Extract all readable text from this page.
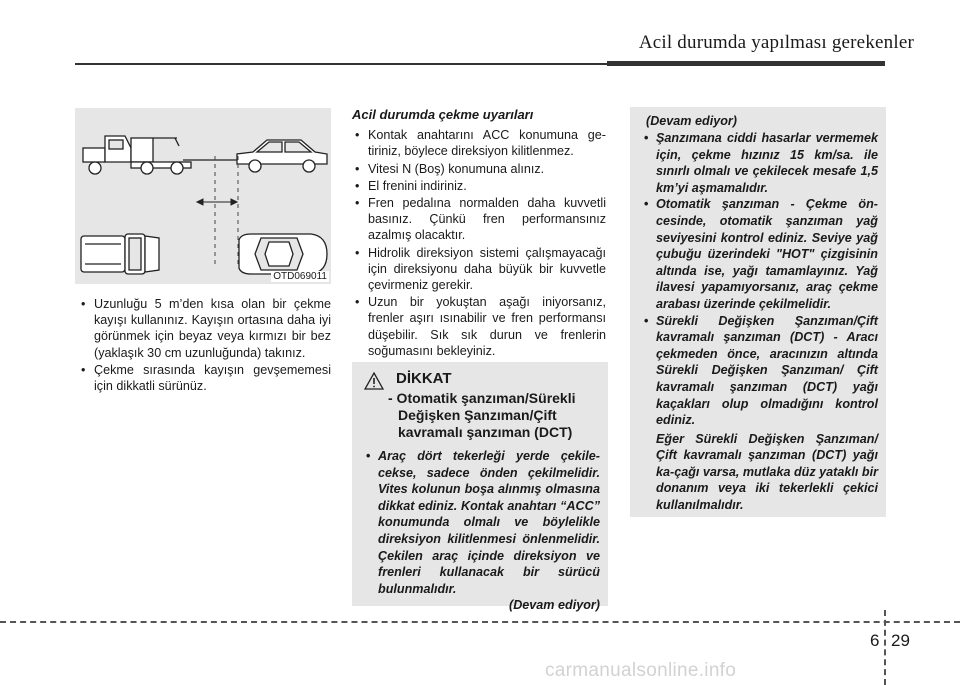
Acil durumda yapılması gerekenler
OTD069011
• Uzunluğu 5 m’den kısa olan bir çekme kayışı kullanınız. Kayışın ortasına daha iyi görünmek için beyaz veya kırmızı bir bez (yaklaşık 30 cm uzunluğunda) takınız.
• Çekme sırasında kayışın gevşememesi için dikkatli sürünüz.
Acil durumda çekme uyarıları
• Kontak anahtarını ACC konumuna getiriniz, böylece direksiyon kilitlenmez.
• Vitesi N (Boş) konumuna alınız.
• El frenini indiriniz.
• Fren pedalına normalden daha kuvvetli basınız. Çünkü fren performansınız azalmış olacaktır.
• Hidrolik direksiyon sistemi çalışmayacağı için direksiyonu daha büyük bir kuvvetle çevirmeniz gerekir.
• Uzun bir yokuştan aşağı iniyorsanız, frenler aşırı ısınabilir ve fren performansı düşebilir. Sık sık durun ve frenlerin soğumasını bekleyiniz.
DİKKAT
- Otomatik şanzıman/Sürekli Değişken Şanzıman/Çift kavramalı şanzıman (DCT)
• Araç dört tekerleği yerde çekilecekse, sadece önden çekilmelidir. Vites kolunun boşa alınmış olmasına dikkat ediniz. Kontak anahtarı “ACC” konumunda olmalı ve böylelikle direksiyon kilitlenmesi önlenmelidir. Çekilen araç içinde direksiyon ve frenleri kullanacak bir sürücü bulunmalıdır.
(Devam ediyor)
(Devam ediyor)
• Şanzımana ciddi hasarlar vermemek için, çekme hızınız 15 km/sa. ile sınırlı olmalı ve çekilecek mesafe 1,5 km’yi aşmamalıdır.
• Otomatik şanzıman - Çekme öncesinde, otomatik şanzıman yağ seviyesini kontrol ediniz. Seviye yağ çubuğu üzerindeki "HOT" çizgisinin altında ise, yağı tamamlayınız. Yağ ilavesi yapamıyorsanız, araç çekme arabası üzerinde çekilmelidir.
• Sürekli Değişken Şanzıman/Çift kavramalı şanzıman (DCT) - Aracı çekmeden önce, aracınızın altında Sürekli Değişken Şanzıman/ Çift kavramalı şanzıman (DCT) yağı kaçakları olup olmadığını kontrol ediniz.
Eğer Sürekli Değişken Şanzıman/ Çift kavramalı şanzıman (DCT) yağı ka-çağı varsa, mutlaka düz yataklı bir donanım veya iki tekerlekli çekici kullanılmalıdır.
6 29
carmanualsonline.info
